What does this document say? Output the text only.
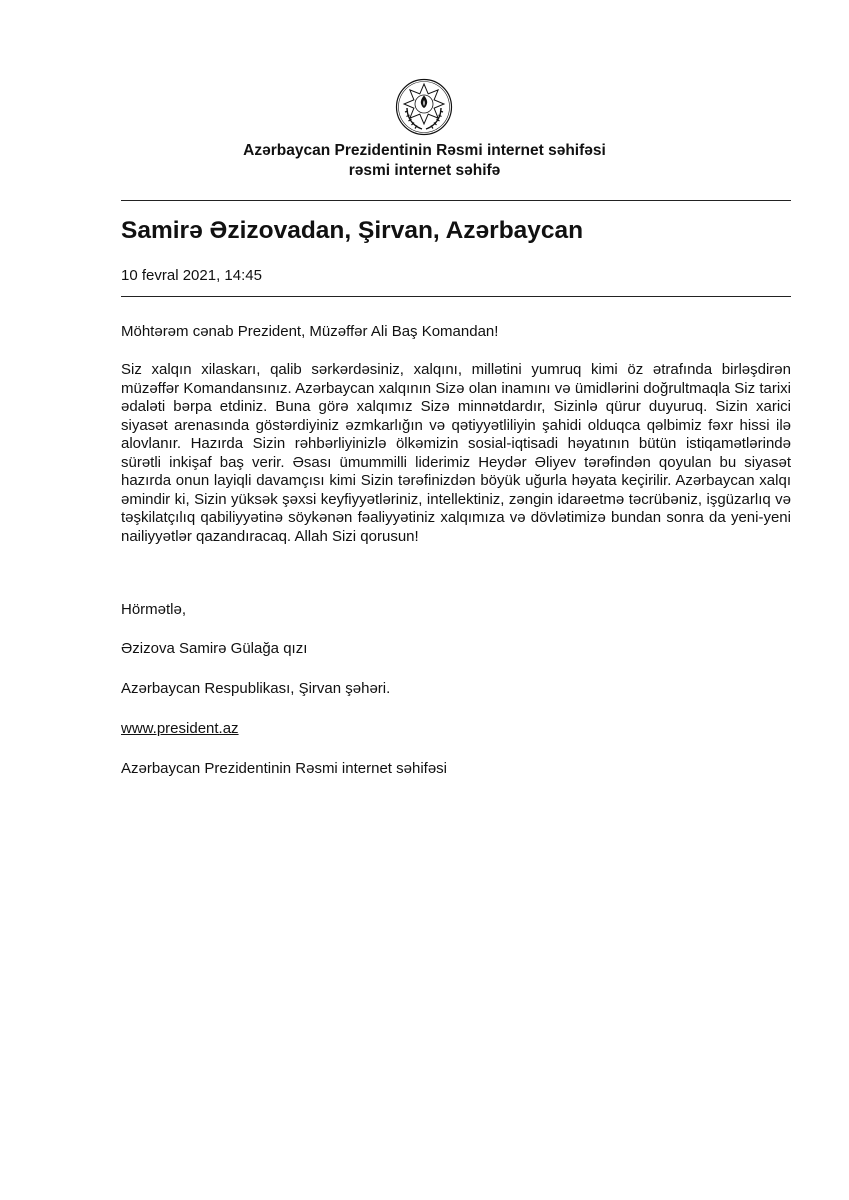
Azərbaycan Prezidentinin Rəsmi internet səhifəsi
rəsmi internet səhifə
Samirə Əzizovadan, Şirvan, Azərbaycan
10 fevral 2021, 14:45
Möhtərəm cənab Prezident, Müzəffər Ali Baş Komandan!
Siz xalqın xilaskarı, qalib sərkərdəsiniz, xalqını, millətini yumruq kimi öz ətrafında birləşdirən müzəffər Komandansınız. Azərbaycan xalqının Sizə olan inamını və ümidlərini doğrultmaqla Siz tarixi ədaləti bərpa etdiniz. Buna görə xalqımız Sizə minnətdardır, Sizinlə qürur duyuruq. Sizin xarici siyasət arenasında göstərdiyiniz əzmkarlığın və qətiyyətliliyin şahidi olduqca qəlbimiz fəxr hissi ilə alovlanır. Hazırda Sizin rəhbərliyinizlə ölkəmizin sosial-iqtisadi həyatının bütün istiqamətlərində sürətli inkişaf baş verir. Əsası ümummilli liderimiz Heydər Əliyev tərəfindən qoyulan bu siyasət hazırda onun layiqli davamçısı kimi Sizin tərəfinizdən böyük uğurla həyata keçirilir. Azərbaycan xalqı əmindir ki, Sizin yüksək şəxsi keyfiyyətləriniz, intellektiniz, zəngin idarəetmə təcrübəniz, işgüzarlıq və təşkilatçılıq qabiliyyətinə söykənən fəaliyyətiniz xalqımıza və dövlətimizə bundan sonra da yeni-yeni nailiyyətlər qazandıracaq. Allah Sizi qorusun!
Hörmətlə,
Əzizova Samirə Gülağa qızı
Azərbaycan Respublikası, Şirvan şəhəri.
www.president.az
Azərbaycan Prezidentinin Rəsmi internet səhifəsi
